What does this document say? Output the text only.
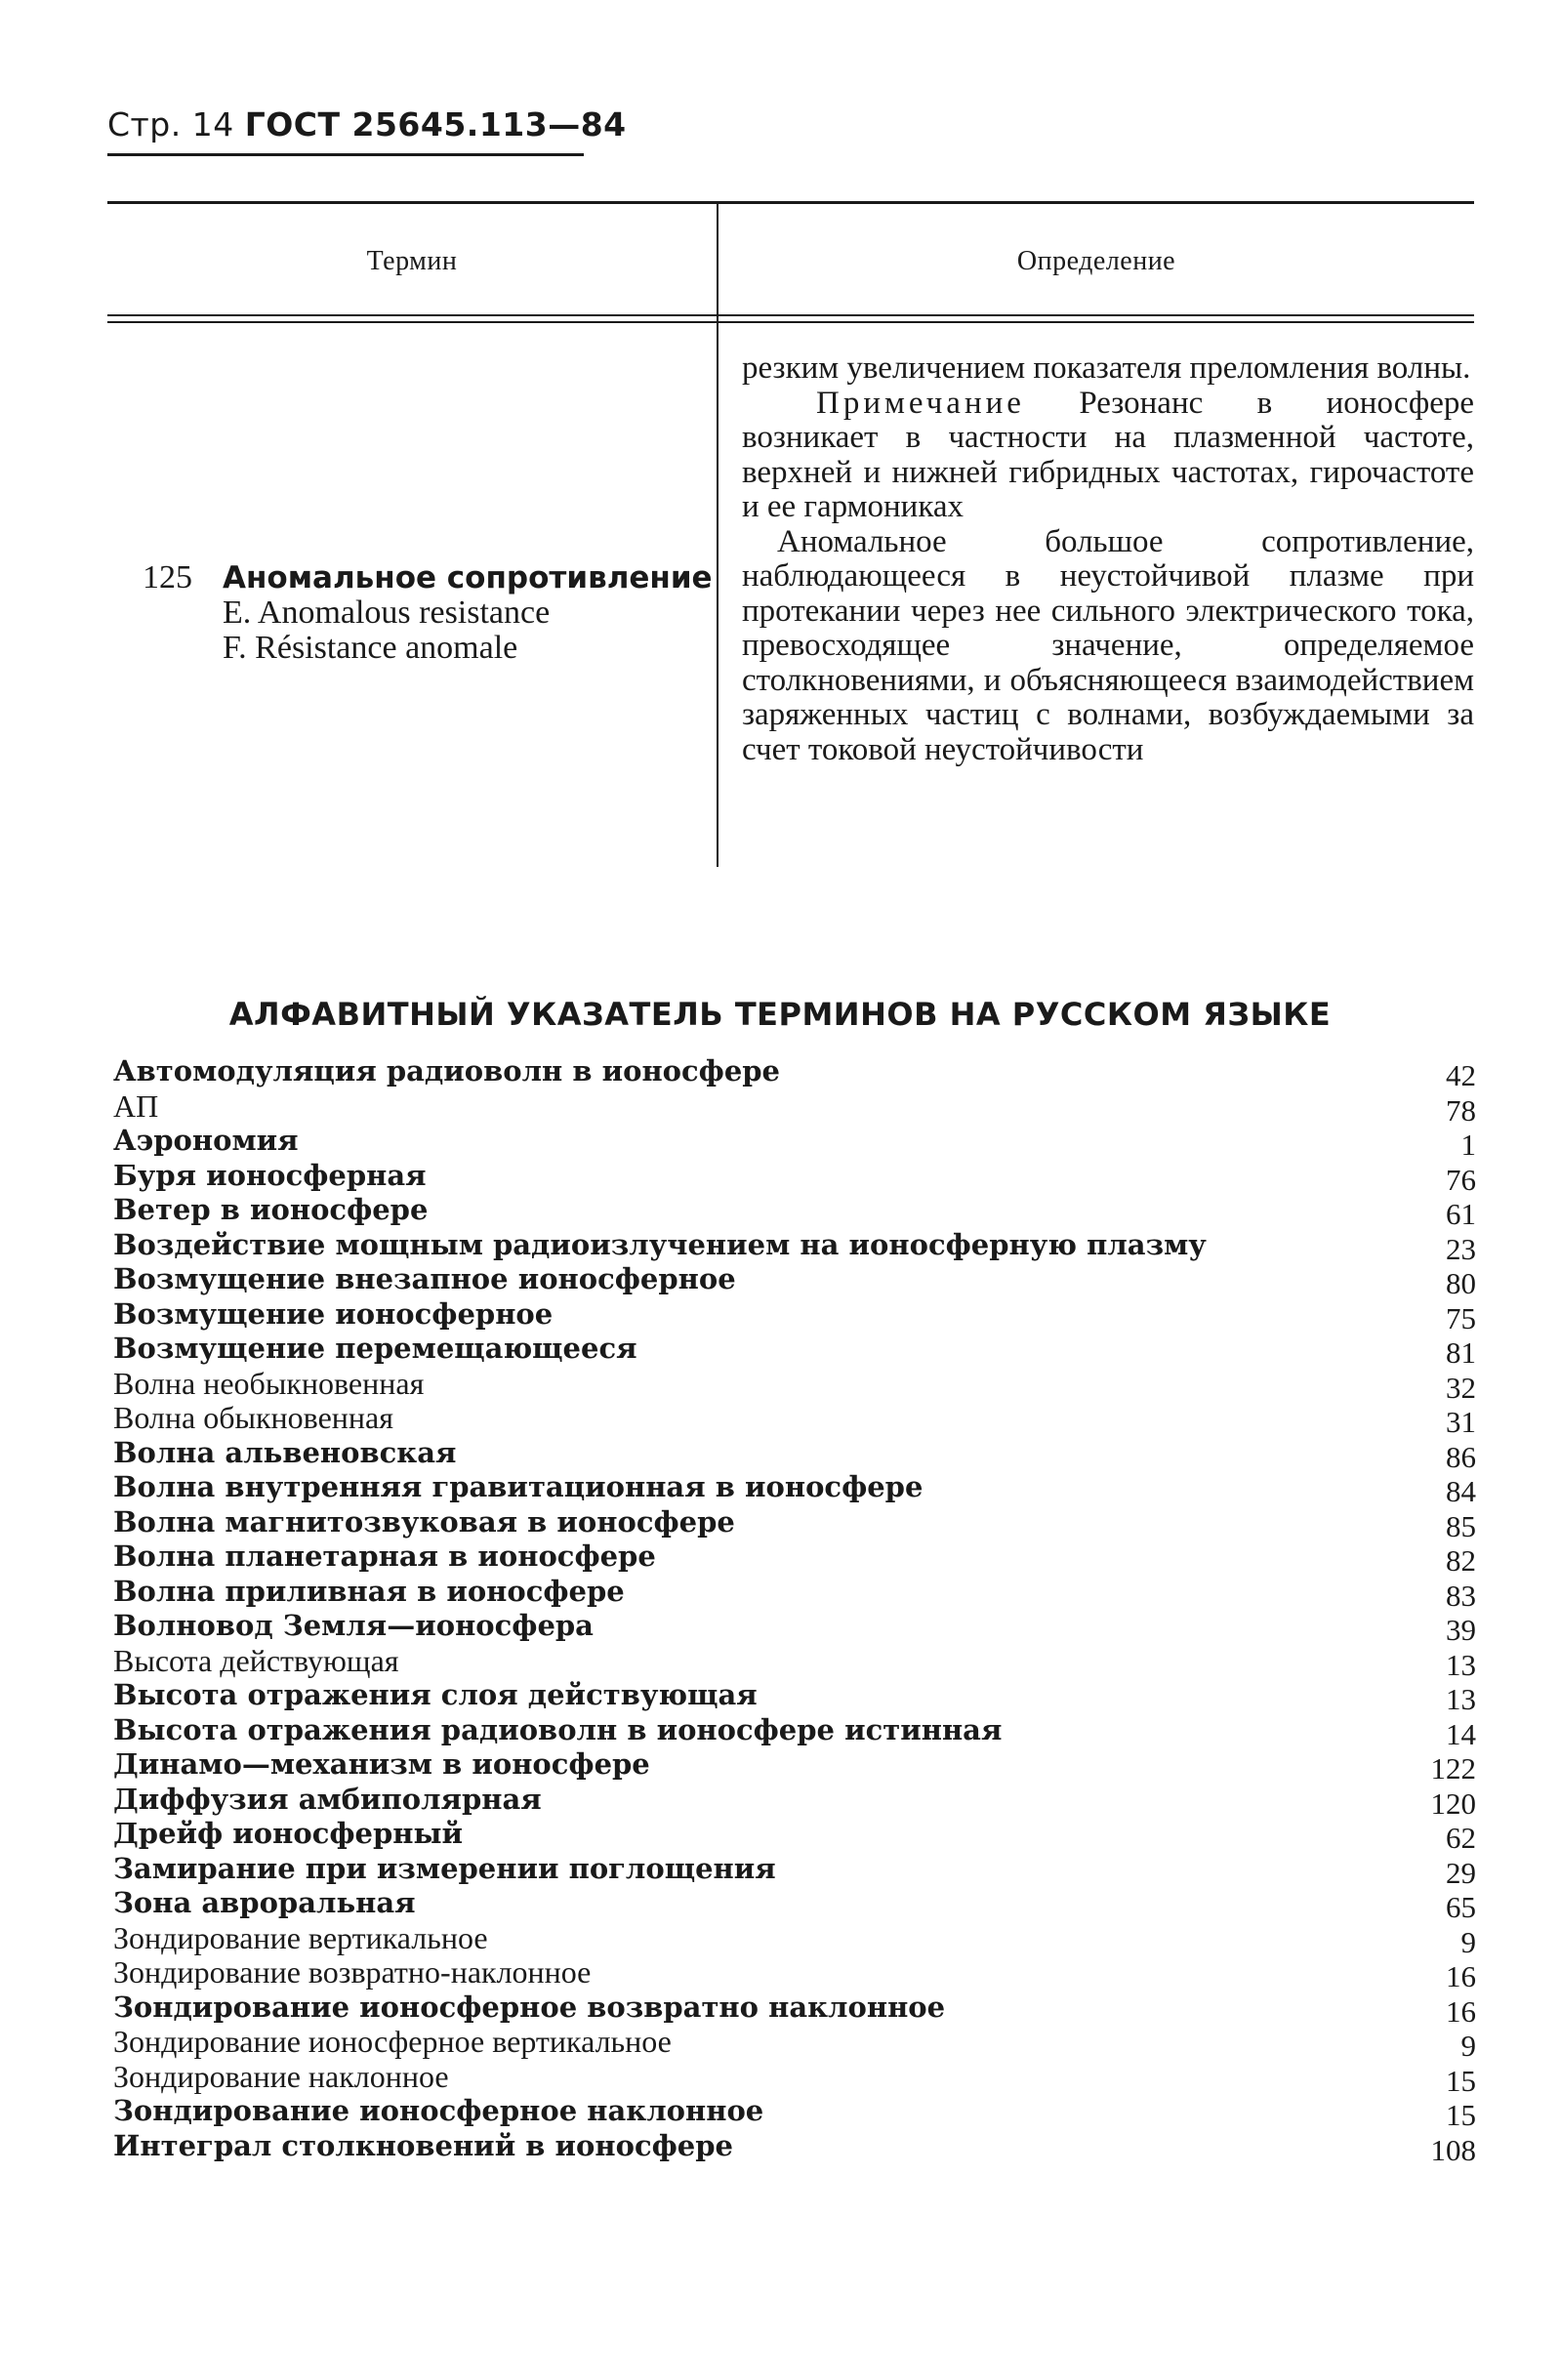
Стр. 14 ГОСТ 25645.113—84
Термин	Определение
125 Аномальное сопротивление
E. Anomalous resistance
F. Résistance anomale

резким увеличением показателя преломления волны.

Примечание Резонанс в ионосфере возникает в частности на плазменной частоте, верхней и нижней гибридных частотах, гирочастоте и ее гармониках

Аномальное большое сопротивление, наблюдающееся в неустойчивой плазме при протекании через нее сильного электрического тока, превосходящее значение, определяемое столкновениями, и объясняющееся взаимодействием заряженных частиц с волнами, возбуждаемыми за счет токовой неустойчивости

АЛФАВИТНЫЙ УКАЗАТЕЛЬ ТЕРМИНОВ НА РУССКОМ ЯЗЫКЕ
Автомодуляция радиоволн в ионосфере	42
АП	78
Аэрономия	1
Буря ионосферная	76
Ветер в ионосфере	61
Воздействие мощным радиоизлучением на ионосферную плазму	23
Возмущение внезапное ионосферное	80
Возмущение ионосферное	75
Возмущение перемещающееся	81
Волна необыкновенная	32
Волна обыкновенная	31
Волна альвеновская	86
Волна внутренняя гравитационная в ионосфере	84
Волна магнитозвуковая в ионосфере	85
Волна планетарная в ионосфере	82
Волна приливная в ионосфере	83
Волновод Земля—ионосфера	39
Высота действующая	13
Высота отражения слоя действующая	13
Высота отражения радиоволн в ионосфере истинная	14
Динамо—механизм в ионосфере	122
Диффузия амбиполярная	120
Дрейф ионосферный	62
Замирание при измерении поглощения	29
Зона авроральная	65
Зондирование вертикальное	9
Зондирование возвратно-наклонное	16
Зондирование ионосферное возвратно наклонное	16
Зондирование ионосферное вертикальное	9
Зондирование наклонное	15
Зондирование ионосферное наклонное	15
Интеграл столкновений в ионосфере	108
